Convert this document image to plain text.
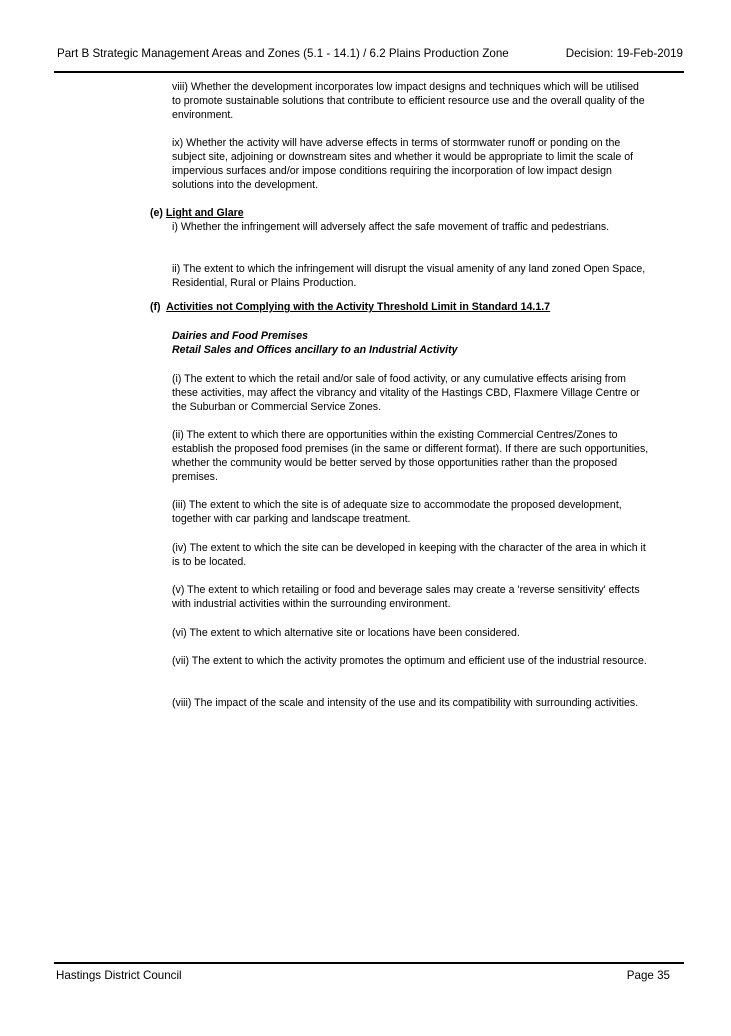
Part B Strategic Management Areas and Zones (5.1 - 14.1) / 6.2 Plains Production Zone	Decision: 19-Feb-2019
viii) Whether the development incorporates low impact designs and techniques which will be utilised to promote sustainable solutions that contribute to efficient resource use and the overall quality of the environment.
ix) Whether the activity will have adverse effects in terms of stormwater runoff or ponding on the subject site, adjoining or downstream sites and whether it would be appropriate to limit the scale of impervious surfaces and/or impose conditions requiring the incorporation of low impact design solutions into the development.
(e) Light and Glare
i) Whether the infringement will adversely affect the safe movement of traffic and pedestrians.
ii) The extent to which the infringement will disrupt the visual amenity of any land zoned Open Space, Residential, Rural or Plains Production.
(f) Activities not Complying with the Activity Threshold Limit in Standard 14.1.7
Dairies and Food Premises
Retail Sales and Offices ancillary to an Industrial Activity
(i) The extent to which the retail and/or sale of food activity, or any cumulative effects arising from these activities, may affect the vibrancy and vitality of the Hastings CBD, Flaxmere Village Centre or the Suburban or Commercial Service Zones.
(ii) The extent to which there are opportunities within the existing Commercial Centres/Zones to establish the proposed food premises (in the same or different format). If there are such opportunities, whether the community would be better served by those opportunities rather than the proposed premises.
(iii) The extent to which the site is of adequate size to accommodate the proposed development, together with car parking and landscape treatment.
(iv) The extent to which the site can be developed in keeping with the character of the area in which it is to be located.
(v) The extent to which retailing or food and beverage sales may create a 'reverse sensitivity' effects with industrial activities within the surrounding environment.
(vi) The extent to which alternative site or locations have been considered.
(vii) The extent to which the activity promotes the optimum and efficient use of the industrial resource.
(viii) The impact of the scale and intensity of the use and its compatibility with surrounding activities.
Hastings District Council	Page 35
